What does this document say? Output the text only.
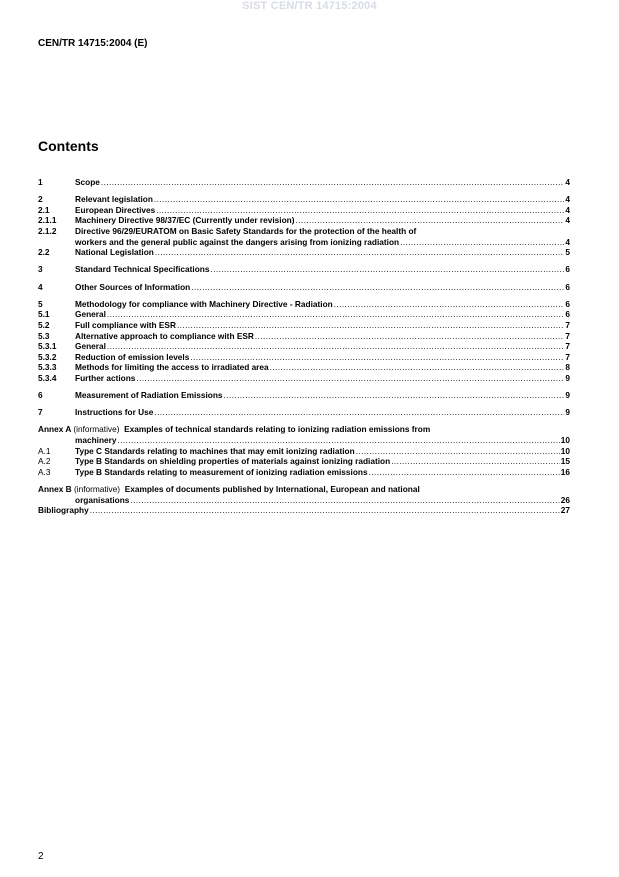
SIST CEN/TR 14715:2004
CEN/TR 14715:2004 (E)
Contents
1	Scope .....	4
2	Relevant legislation .....	4
2.1	European Directives .....	4
2.1.1	Machinery Directive 98/37/EC (Currently under revision) .....	4
2.1.2	Directive 96/29/EURATOM on Basic Safety Standards for the protection of the health of
workers and the general public against the dangers arising from ionizing radiation .....	4
2.2	National Legislation .....	5
3	Standard Technical Specifications .....	6
4	Other Sources of Information .....	6
5	Methodology for compliance with Machinery Directive - Radiation .....	6
5.1	General .....	6
5.2	Full compliance with ESR .....	7
5.3	Alternative approach to compliance with ESR .....	7
5.3.1	General .....	7
5.3.2	Reduction of emission levels .....	7
5.3.3	Methods for limiting the access to irradiated area .....	8
5.3.4	Further actions .....	9
6	Measurement of Radiation Emissions .....	9
7	Instructions for Use .....	9
Annex A (informative) Examples of technical standards relating to ionizing radiation emissions from
machinery .....	10
A.1	Type C Standards relating to machines that may emit ionizing radiation .....	10
A.2	Type B Standards on shielding properties of materials against ionizing radiation .....	15
A.3	Type B Standards relating to measurement of ionizing radiation emissions .....	16
Annex B (informative) Examples of documents published by International, European and national
organisations .....	26
Bibliography .....	27
2
